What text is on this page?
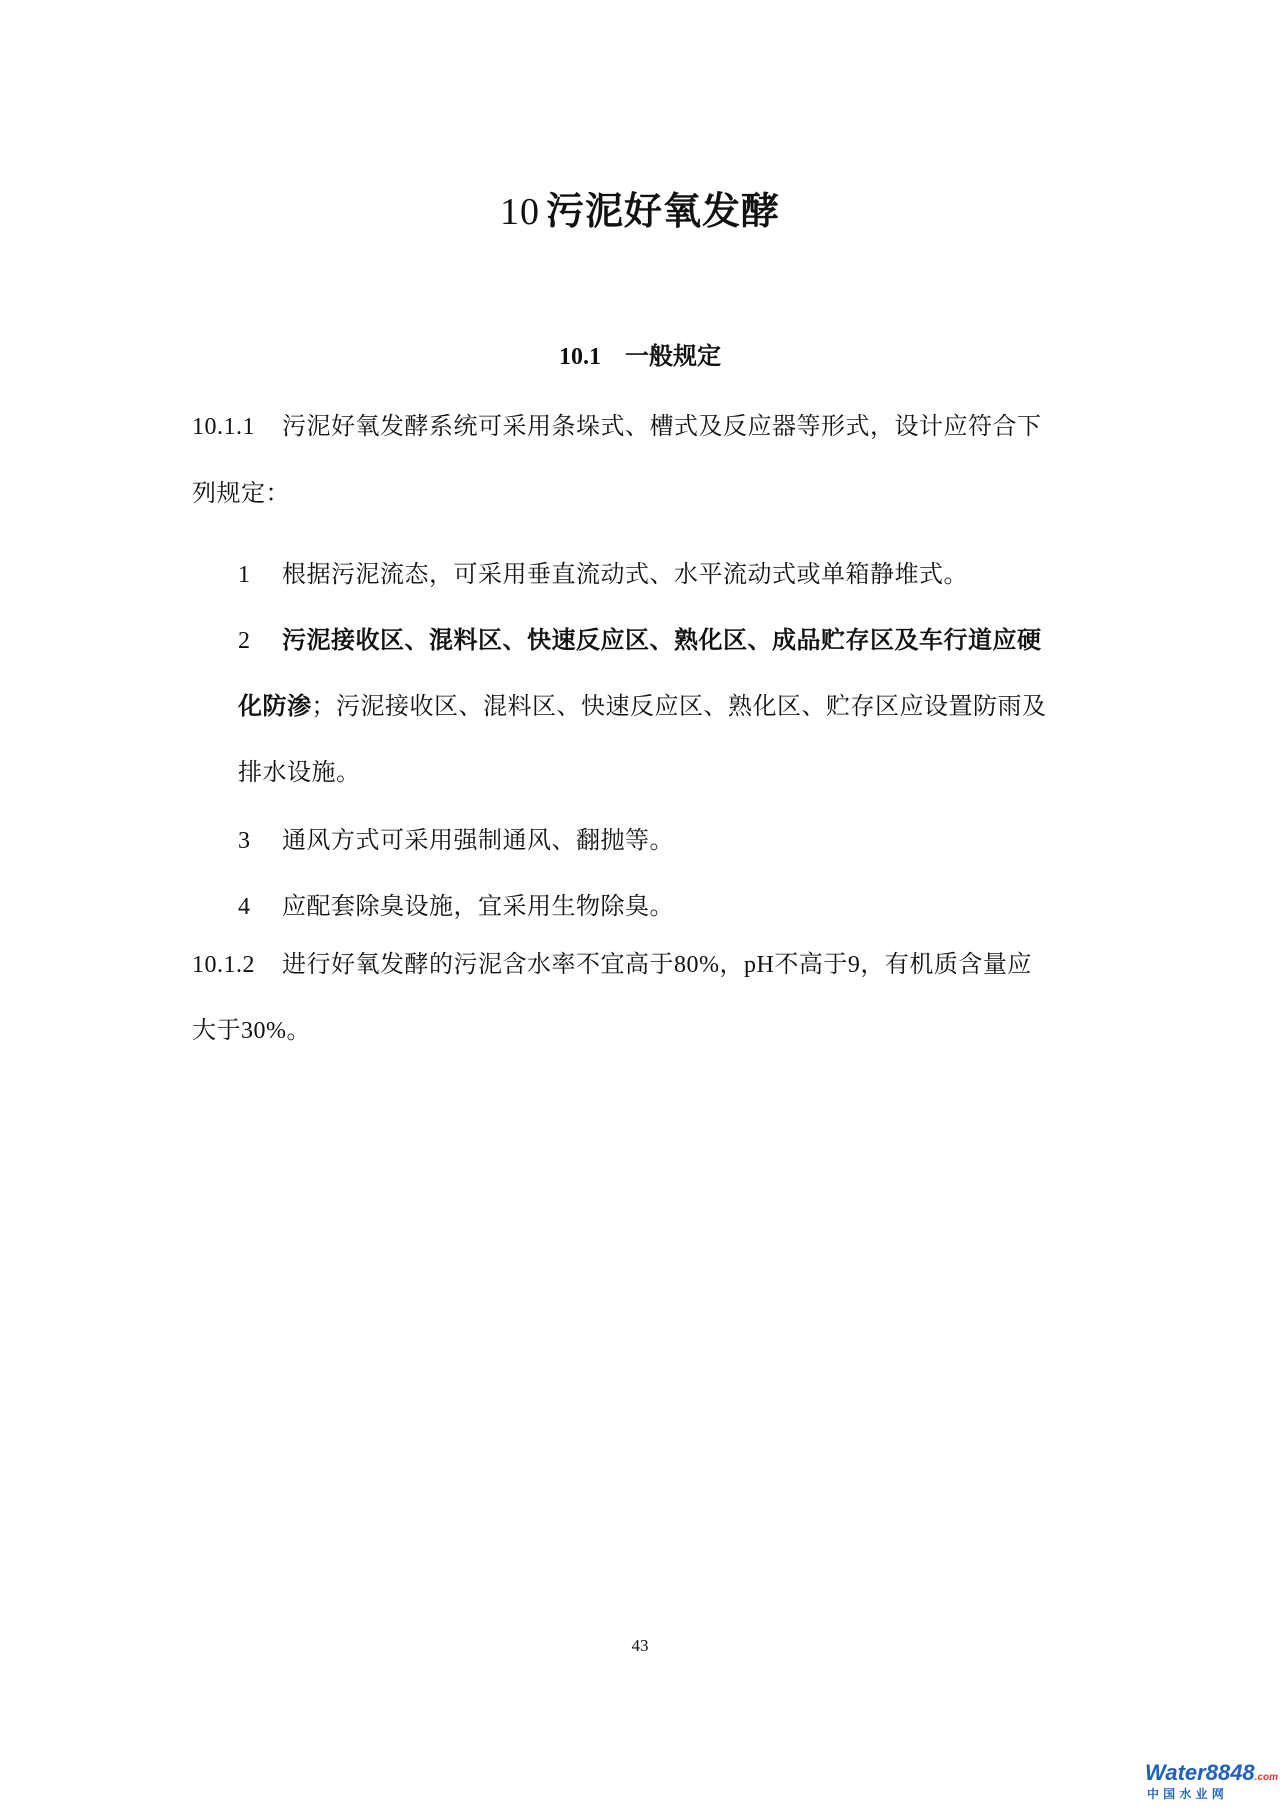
10 污泥好氧发酵
10.1 一般规定
10.1.1 污泥好氧发酵系统可采用条垛式、槽式及反应器等形式，设计应符合下
列规定：
1 根据污泥流态，可采用垂直流动式、水平流动式或单箱静堆式。
2 污泥接收区、混料区、快速反应区、熟化区、成品贮存区及车行道应硬
化防渗；污泥接收区、混料区、快速反应区、熟化区、贮存区应设置防雨及
排水设施。
3 通风方式可采用强制通风、翻抛等。
4 应配套除臭设施，宜采用生物除臭。
10.1.2 进行好氧发酵的污泥含水率不宜高于80%，pH不高于9，有机质含量应
大于30%。
43
Water8848.com
中 国 水 业 网
